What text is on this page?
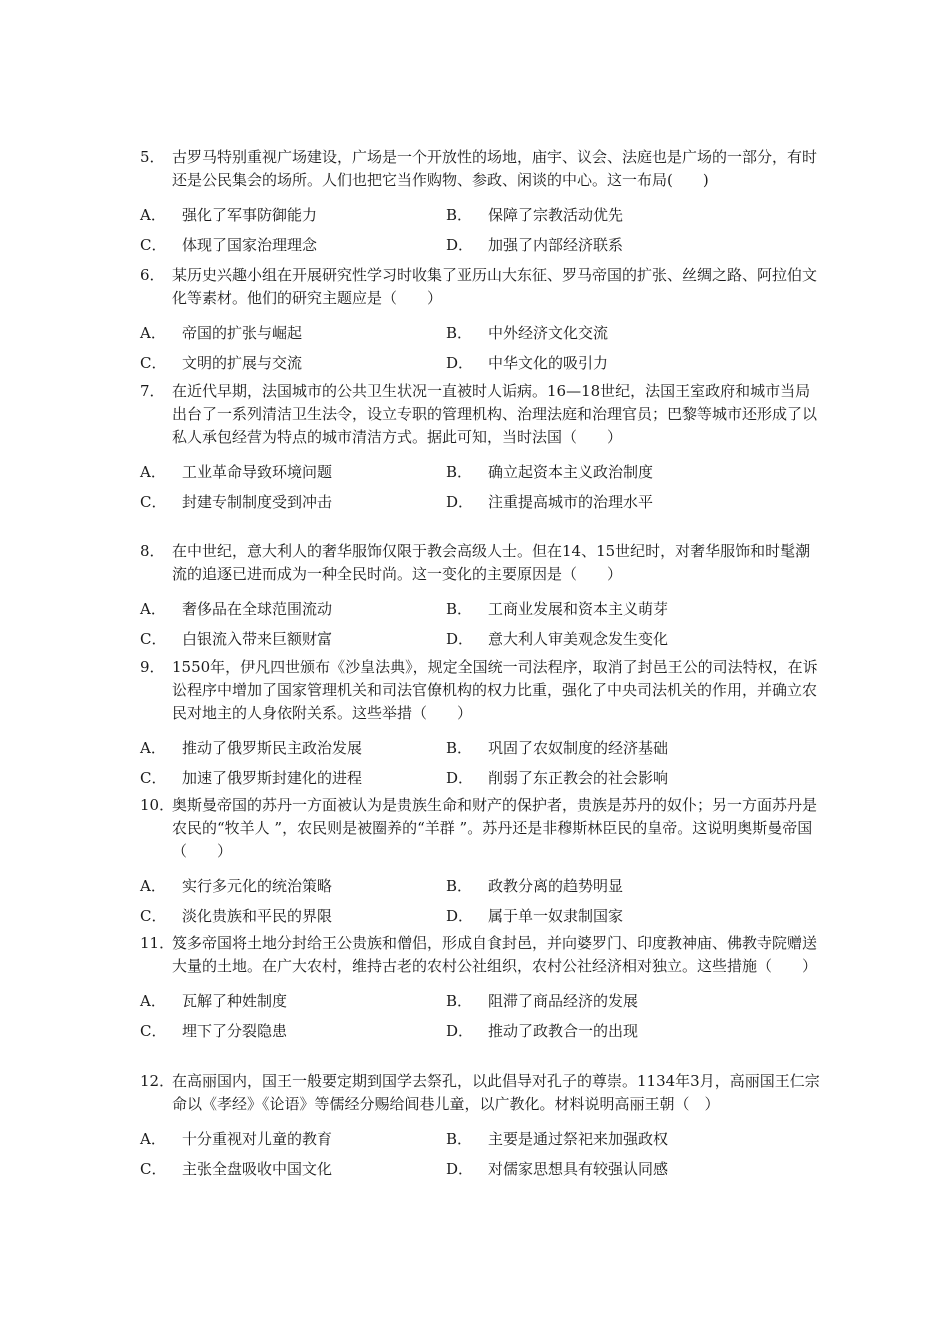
5． 古罗马特别重视广场建设，广场是一个开放性的场地，庙宇、议会、法庭也是广场的一部分，有时还是公民集会的场所。人们也把它当作购物、参政、闲谈的中心。这一布局(　　)

A．	强化了军事防御能力	B．	保障了宗教活动优先
C．	体现了国家治理理念	D． 加强了内部经济联系

6． 某历史兴趣小组在开展研究性学习时收集了亚历山大东征、罗马帝国的扩张、丝绸之路、阿拉伯文化等素材。他们的研究主题应是（　　）

A．	帝国的扩张与崛起	B．	中外经济文化交流
C．	文明的扩展与交流	D． 中华文化的吸引力

7． 在近代早期，法国城市的公共卫生状况一直被时人诟病。16—18世纪，法国王室政府和城市当局出台了一系列清洁卫生法令，设立专职的管理机构、治理法庭和治理官员；巴黎等城市还形成了以私人承包经营为特点的城市清洁方式。据此可知，当时法国（　　）

A．	工业革命导致环境问题	B．	确立起资本主义政治制度
C．	封建专制制度受到冲击	D． 注重提高城市的治理水平

8． 在中世纪，意大利人的奢华服饰仅限于教会高级人士。但在14、15世纪时，对奢华服饰和时髦潮流的追逐已进而成为一种全民时尚。这一变化的主要原因是（　　）

A．	奢侈品在全球范围流动	B．	工商业发展和资本主义萌芽
C．	白银流入带来巨额财富	D． 意大利人审美观念发生变化

9． 1550年，伊凡四世颁布《沙皇法典》，规定全国统一司法程序，取消了封邑王公的司法特权，在诉讼程序中增加了国家管理机关和司法官僚机构的权力比重，强化了中央司法机关的作用，并确立农民对地主的人身依附关系。这些举措（　　）

A．	推动了俄罗斯民主政治发展	B．	巩固了农奴制度的经济基础
C．	加速了俄罗斯封建化的进程	D． 削弱了东正教会的社会影响

10．
奥斯曼帝国的苏丹一方面被认为是贵族生命和财产的保护者，贵族是苏丹的奴仆；另一方面苏丹是农民的“牧羊人 ”，农民则是被圈养的“羊群 ”。苏丹还是非穆斯林臣民的皇帝。这说明奥斯曼帝国（　　）

A．	实行多元化的统治策略	B．	政教分离的趋势明显
C．	淡化贵族和平民的界限	D． 属于单一奴隶制国家

11．
笈多帝国将土地分封给王公贵族和僧侣，形成自食封邑，并向婆罗门、印度教神庙、佛教寺院赠送大量的土地。在广大农村，维持古老的农村公社组织，农村公社经济相对独立。这些措施（　　）

A．	瓦解了种姓制度	B．	阻滞了商品经济的发展
C．	埋下了分裂隐患	D． 推动了政教合一的出现

12．
在高丽国内，国王一般要定期到国学去祭孔，以此倡导对孔子的尊崇。1134年3月，高丽国王仁宗命以《孝经》《论语》等儒经分赐给闾巷儿童，以广教化。材料说明高丽王朝（　）

A．	十分重视对儿童的教育	B．	主要是通过祭祀来加强政权
C．	主张全盘吸收中国文化	D． 对儒家思想具有较强认同感
